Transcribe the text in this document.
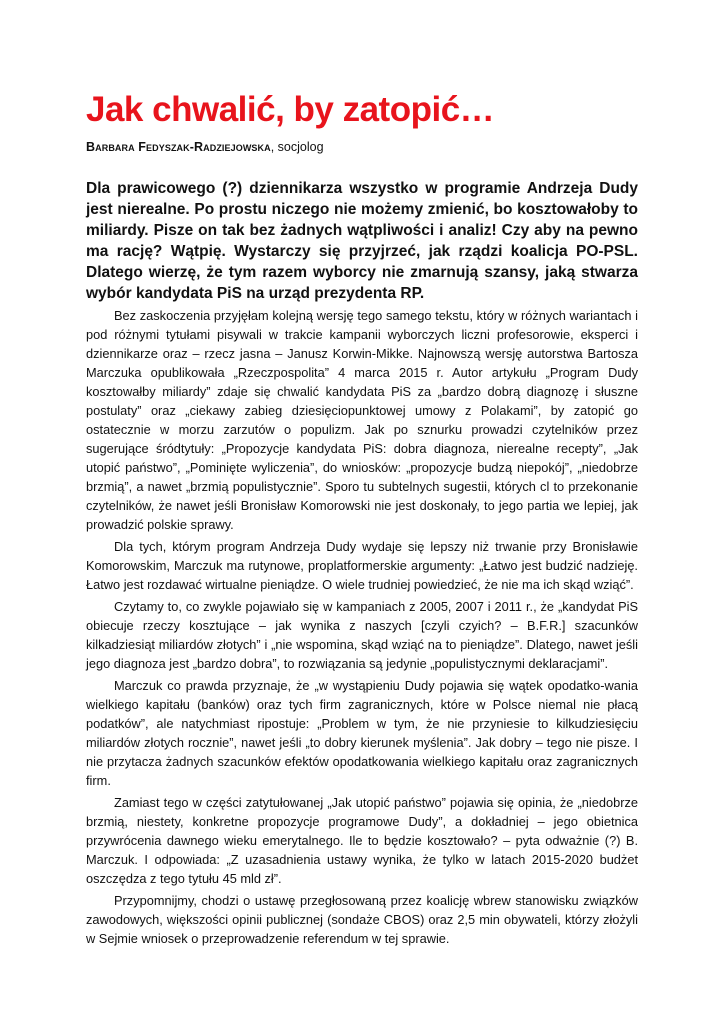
Jak chwalić, by zatopić…
Barbara Fedyszak-Radziejowska, socjolog

Dla prawicowego (?) dziennikarza wszystko w programie Andrzeja Dudy jest nierealne. Po prostu niczego nie możemy zmienić, bo kosztowałoby to miliardy. Pisze on tak bez żadnych wątpliwości i analiz! Czy aby na pewno ma rację? Wątpię. Wystarczy się przyjrzeć, jak rządzi koalicja PO-PSL. Dlatego wierzę, że tym razem wyborcy nie zmarnują szansy, jaką stwarza wybór kandydata PiS na urząd prezydenta RP.

Bez zaskoczenia przyjęłam kolejną wersję tego samego tekstu, który w różnych wariantach i pod różnymi tytułami pisywali w trakcie kampanii wyborczych liczni profesorowie, eksperci i dziennikarze oraz – rzecz jasna – Janusz Korwin-Mikke. Najnowszą wersję autorstwa Bartosza Marczuka opublikowała „Rzeczpospolita” 4 marca 2015 r. Autor artykułu „Program Dudy kosztowałby miliardy” zdaje się chwalić kandydata PiS za „bardzo dobrą diagnozę i słuszne postulaty” oraz „ciekawy zabieg dziesięciopunktowej umowy z Polakami”, by zatopić go ostatecznie w morzu zarzutów o populizm. Jak po sznurku prowadzi czytelników przez sugerujące śródtytuły: „Propozycje kandydata PiS: dobra diagnoza, nierealne recepty”, „Jak utopić państwo”, „Pominięte wyliczenia”, do wniosków: „propozycje budzą niepokój”, „niedobrze brzmią”, a nawet „brzmią populistycznie”. Sporo tu subtelnych sugestii, których cl to przekonanie czytelników, że nawet jeśli Bronisław Komorowski nie jest doskonały, to jego partia we lepiej, jak prowadzić polskie sprawy.

Dla tych, którym program Andrzeja Dudy wydaje się lepszy niż trwanie przy Bronisławie Komorowskim, Marczuk ma rutynowe, proplatformerskie argumenty: „Łatwo jest budzić nadzieję. Łatwo jest rozdawać wirtualne pieniądze. O wiele trudniej powiedzieć, że nie ma ich skąd wziąć”.

Czytamy to, co zwykle pojawiało się w kampaniach z 2005, 2007 i 2011 r., że „kandydat PiS obiecuje rzeczy kosztujące – jak wynika z naszych [czyli czyich? – B.F.R.] szacunków kilkadziesiąt miliardów złotych” i „nie wspomina, skąd wziąć na to pieniądze”. Dlatego, nawet jeśli jego diagnoza jest „bardzo dobra”, to rozwiązania są jedynie „populistycznymi deklaracjami”.

Marczuk co prawda przyznaje, że „w wystąpieniu Dudy pojawia się wątek opodatko-wania wielkiego kapitału (banków) oraz tych firm zagranicznych, które w Polsce niemal nie płacą podatków”, ale natychmiast ripostuje: „Problem w tym, że nie przyniesie to kilkudziesięciu miliardów złotych rocznie”, nawet jeśli „to dobry kierunek myślenia”. Jak dobry – tego nie pisze. I nie przytacza żadnych szacunków efektów opodatkowania wielkiego kapitału oraz zagranicznych firm.

Zamiast tego w części zatytułowanej „Jak utopić państwo” pojawia się opinia, że „niedobrze brzmią, niestety, konkretne propozycje programowe Dudy”, a dokładniej – jego obietnica przywrócenia dawnego wieku emerytalnego. Ile to będzie kosztowało? – pyta odważnie (?) B. Marczuk. I odpowiada: „Z uzasadnienia ustawy wynika, że tylko w latach 2015-2020 budżet oszczędza z tego tytułu 45 mld zł”.

Przypomnijmy, chodzi o ustawę przegłosowaną przez koalicję wbrew stanowisku związków zawodowych, większości opinii publicznej (sondaże CBOS) oraz 2,5 min obywateli, którzy złożyli w Sejmie wniosek o przeprowadzenie referendum w tej sprawie.
